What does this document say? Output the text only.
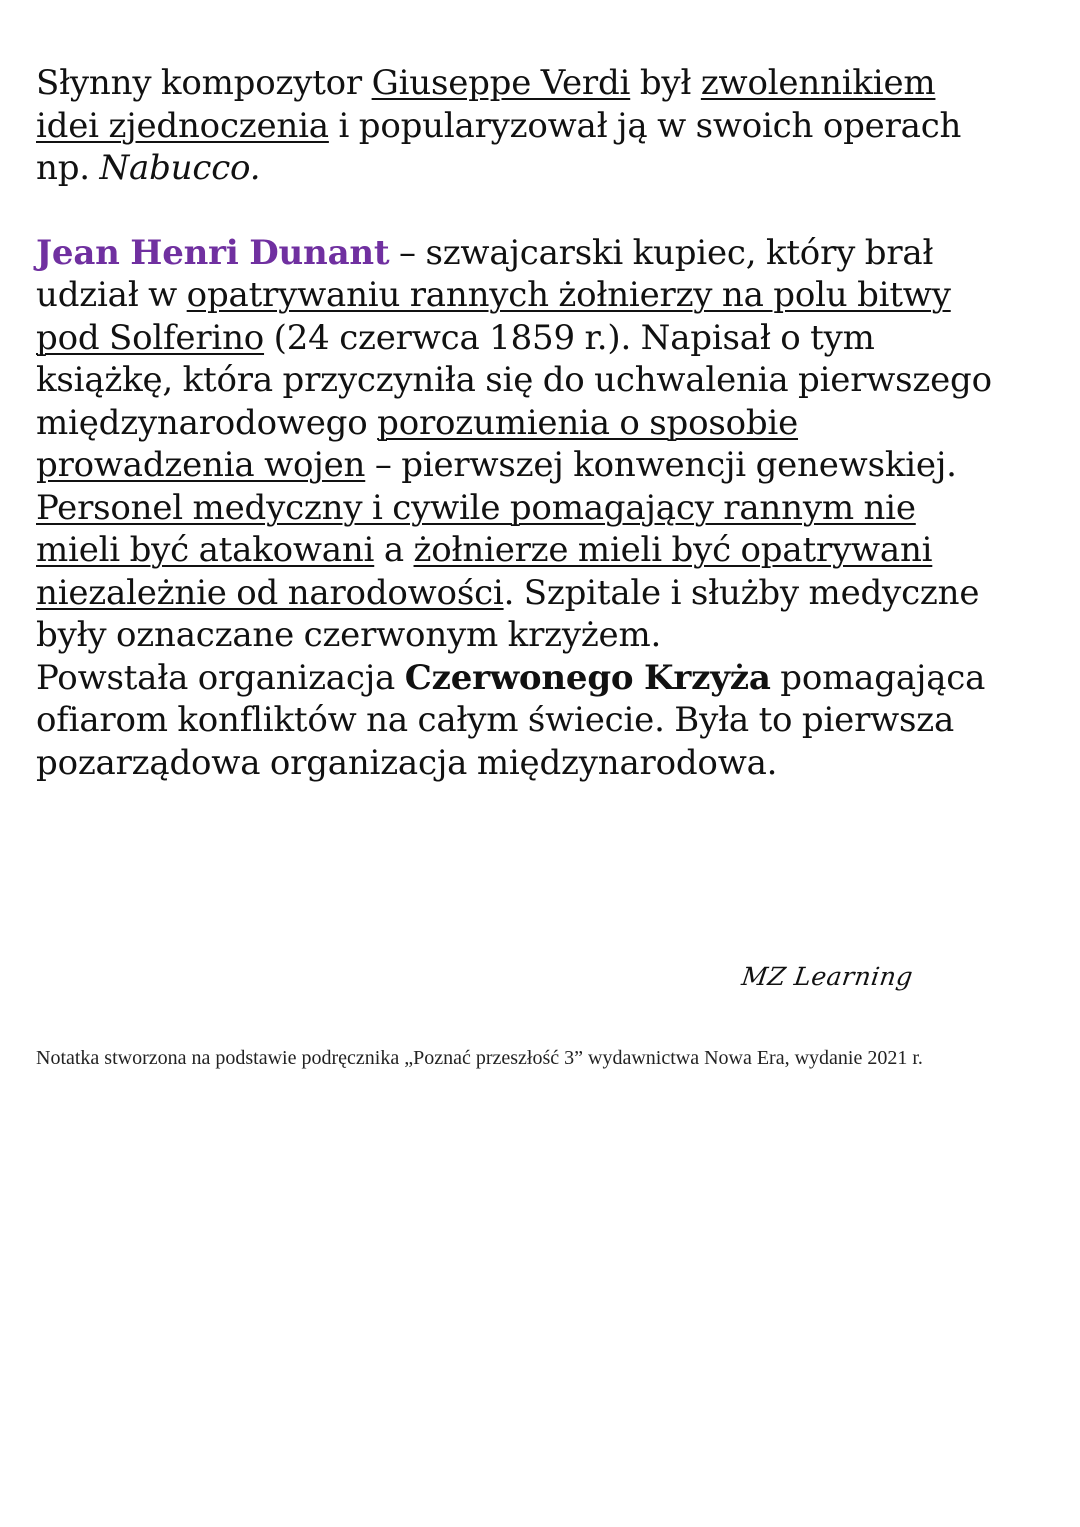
Słynny kompozytor Giuseppe Verdi był zwolennikiem
idei zjednoczenia i popularyzował ją w swoich operach
np. Nabucco.

Jean Henri Dunant – szwajcarski kupiec, który brał
udział w opatrywaniu rannych żołnierzy na polu bitwy
pod Solferino (24 czerwca 1859 r.). Napisał o tym
książkę, która przyczyniła się do uchwalenia pierwszego
międzynarodowego porozumienia o sposobie
prowadzenia wojen – pierwszej konwencji genewskiej.
Personel medyczny i cywile pomagający rannym nie
mieli być atakowani a żołnierze mieli być opatrywani
niezależnie od narodowości. Szpitale i służby medyczne
były oznaczane czerwonym krzyżem.
Powstała organizacja Czerwonego Krzyża pomagająca
ofiarom konfliktów na całym świecie. Była to pierwsza
pozarządowa organizacja międzynarodowa.

MZ Learning
Notatka stworzona na podstawie podręcznika „Poznać przeszłość 3” wydawnictwa Nowa Era, wydanie 2021 r.
